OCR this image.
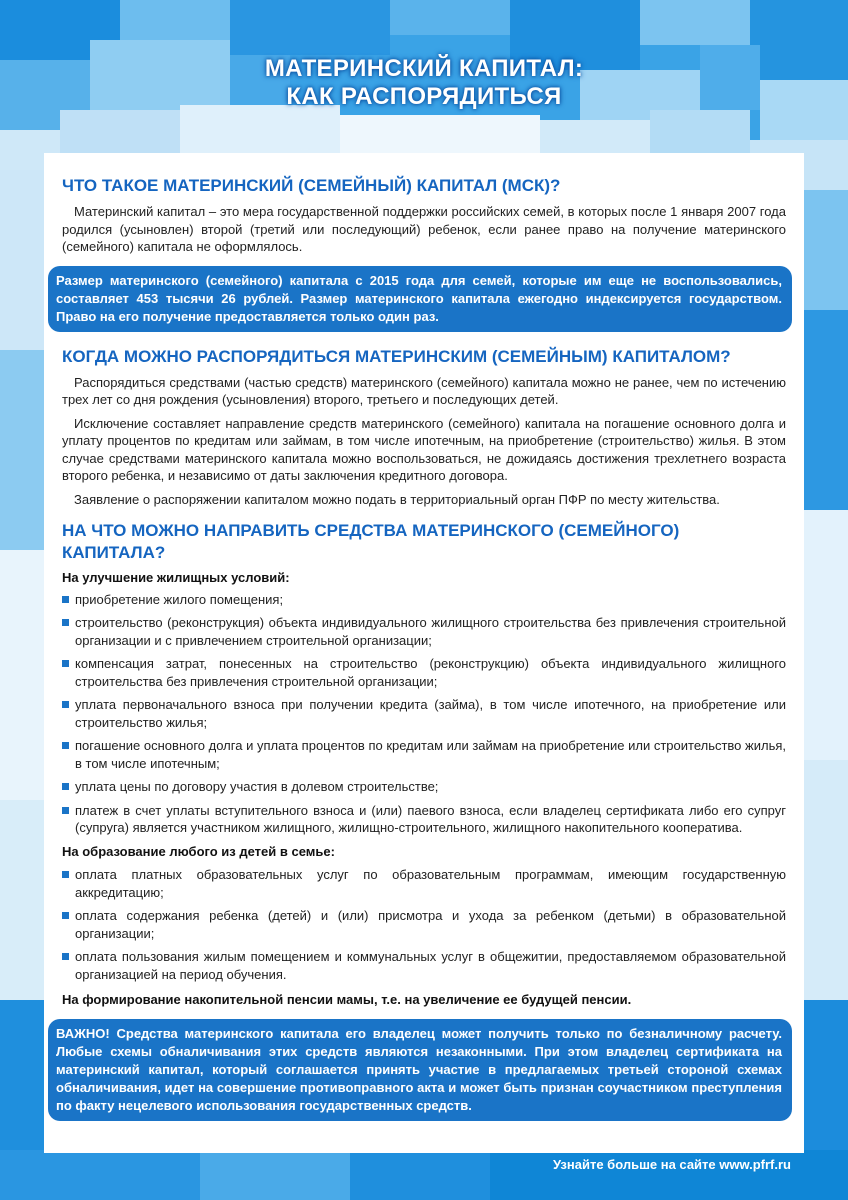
МАТЕРИНСКИЙ КАПИТАЛ:
КАК РАСПОРЯДИТЬСЯ
ЧТО ТАКОЕ МАТЕРИНСКИЙ (СЕМЕЙНЫЙ) КАПИТАЛ (МСК)?

Материнский капитал – это мера государственной поддержки российских семей, в которых после 1 января 2007 года родился (усыновлен) второй (третий или последующий) ребенок, если ранее право на получение материнского (семейного) капитала не оформлялось.

Размер материнского (семейного) капитала с 2015 года для семей, которые им еще не воспользовались, составляет 453 тысячи 26 рублей. Размер материнского капитала ежегодно индексируется государством. Право на его получение предоставляется только один раз.
КОГДА МОЖНО РАСПОРЯДИТЬСЯ МАТЕРИНСКИМ (СЕМЕЙНЫМ) КАПИТАЛОМ?

Распорядиться средствами (частью средств) материнского (семейного) капитала можно не ранее, чем по истечению трех лет со дня рождения (усыновления) второго, третьего и последующих детей.

Исключение составляет направление средств материнского (семейного) капитала на погашение основного долга и уплату процентов по кредитам или займам, в том числе ипотечным, на приобретение (строительство) жилья. В этом случае средствами материнского капитала можно воспользоваться, не дожидаясь достижения трехлетнего возраста второго ребенка, и независимо от даты заключения кредитного договора.

Заявление о распоряжении капиталом можно подать в территориальный орган ПФР по месту жительства.

НА ЧТО МОЖНО НАПРАВИТЬ СРЕДСТВА МАТЕРИНСКОГО (СЕМЕЙНОГО) КАПИТАЛА?
На улучшение жилищных условий:
приобретение жилого помещения;
строительство (реконструкция) объекта индивидуального жилищного строительства без привлечения строительной организации и с привлечением строительной организации;
компенсация затрат, понесенных на строительство (реконструкцию) объекта индивидуального жилищного строительства без привлечения строительной организации;
уплата первоначального взноса при получении кредита (займа), в том числе ипотечного, на приобретение или строительство жилья;
погашение основного долга и уплата процентов по кредитам или займам на приобретение или строительство жилья, в том числе ипотечным;
уплата цены по договору участия в долевом строительстве;
платеж в счет уплаты вступительного взноса и (или) паевого взноса, если владелец сертификата либо его супруг (супруга) является участником жилищного, жилищно-строительного, жилищного накопительного кооператива.
На образование любого из детей в семье:
оплата платных образовательных услуг по образовательным программам, имеющим государственную аккредитацию;
оплата содержания ребенка (детей) и (или) присмотра и ухода за ребенком (детьми) в образовательной организации;
оплата пользования жилым помещением и коммунальных услуг в общежитии, предоставляемом образовательной организацией на период обучения.
На формирование накопительной пенсии мамы, т.е. на увеличение ее будущей пенсии.
ВАЖНО! Средства материнского капитала его владелец может получить только по безналичному расчету. Любые схемы обналичивания этих средств являются незаконными. При этом владелец сертификата на материнский капитал, который соглашается принять участие в предлагаемых третьей стороной схемах обналичивания, идет на совершение противоправного акта и может быть признан соучастником преступления по факту нецелевого использования государственных средств.
Узнайте больше на сайте www.pfrf.ru
